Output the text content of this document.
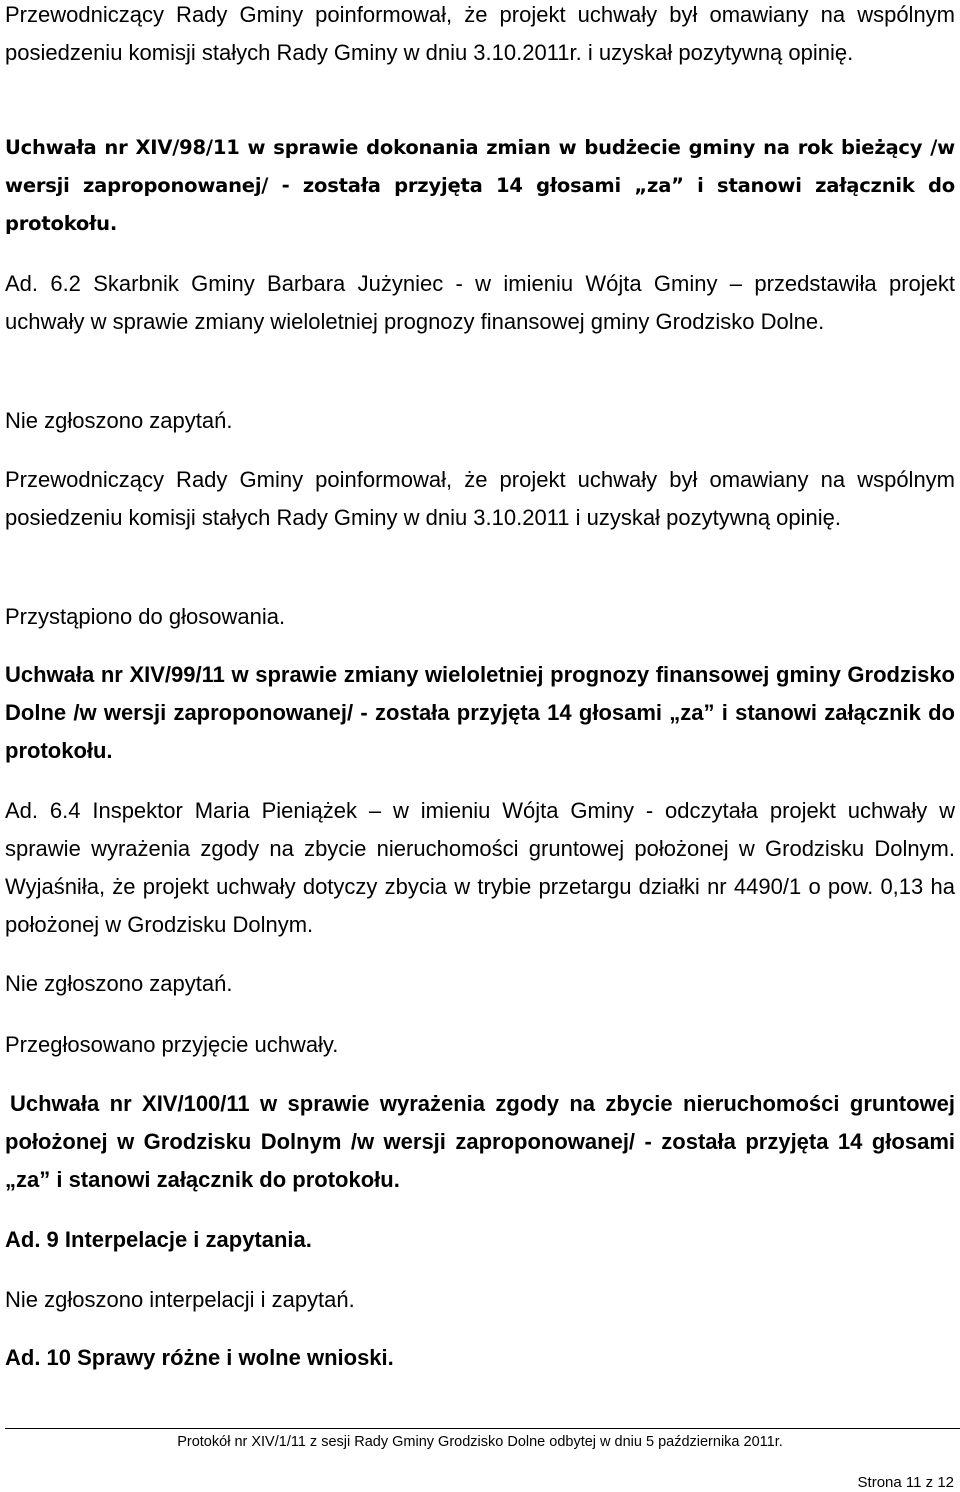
Przewodniczący Rady Gminy poinformował, że projekt uchwały był omawiany na wspólnym posiedzeniu komisji stałych Rady Gminy w dniu 3.10.2011r. i uzyskał pozytywną opinię.

Uchwała nr XIV/98/11 w sprawie dokonania zmian w budżecie gminy na rok bieżący /w wersji zaproponowanej/ - została przyjęta 14 głosami „za” i stanowi załącznik do protokołu.

Ad. 6.2 Skarbnik Gminy Barbara Jużyniec - w imieniu Wójta Gminy – przedstawiła projekt uchwały w sprawie zmiany wieloletniej prognozy finansowej gminy Grodzisko Dolne.

Nie zgłoszono zapytań.

Przewodniczący Rady Gminy poinformował, że projekt uchwały był omawiany na wspólnym posiedzeniu komisji stałych Rady Gminy w dniu 3.10.2011 i uzyskał pozytywną opinię.

Przystąpiono do głosowania.

Uchwała nr XIV/99/11 w sprawie zmiany wieloletniej prognozy finansowej gminy Grodzisko Dolne /w wersji zaproponowanej/ - została przyjęta 14 głosami „za” i stanowi załącznik do protokołu.

Ad. 6.4 Inspektor Maria Pieniążek – w imieniu Wójta Gminy - odczytała projekt uchwały w sprawie wyrażenia zgody na zbycie nieruchomości gruntowej położonej w Grodzisku Dolnym. Wyjaśniła, że projekt uchwały dotyczy zbycia w trybie przetargu działki nr 4490/1 o pow. 0,13 ha położonej w Grodzisku Dolnym.

Nie zgłoszono zapytań.

Przegłosowano przyjęcie uchwały.

Uchwała nr XIV/100/11 w sprawie wyrażenia zgody na zbycie nieruchomości gruntowej położonej w Grodzisku Dolnym /w wersji zaproponowanej/ - została przyjęta 14 głosami „za” i stanowi załącznik do protokołu.

Ad. 9 Interpelacje i zapytania.

Nie zgłoszono interpelacji i zapytań.

Ad. 10 Sprawy różne i wolne wnioski.

Protokół nr XIV/1/11 z sesji Rady Gminy Grodzisko Dolne odbytej w dniu 5 października 2011r.
Strona 11 z 12
